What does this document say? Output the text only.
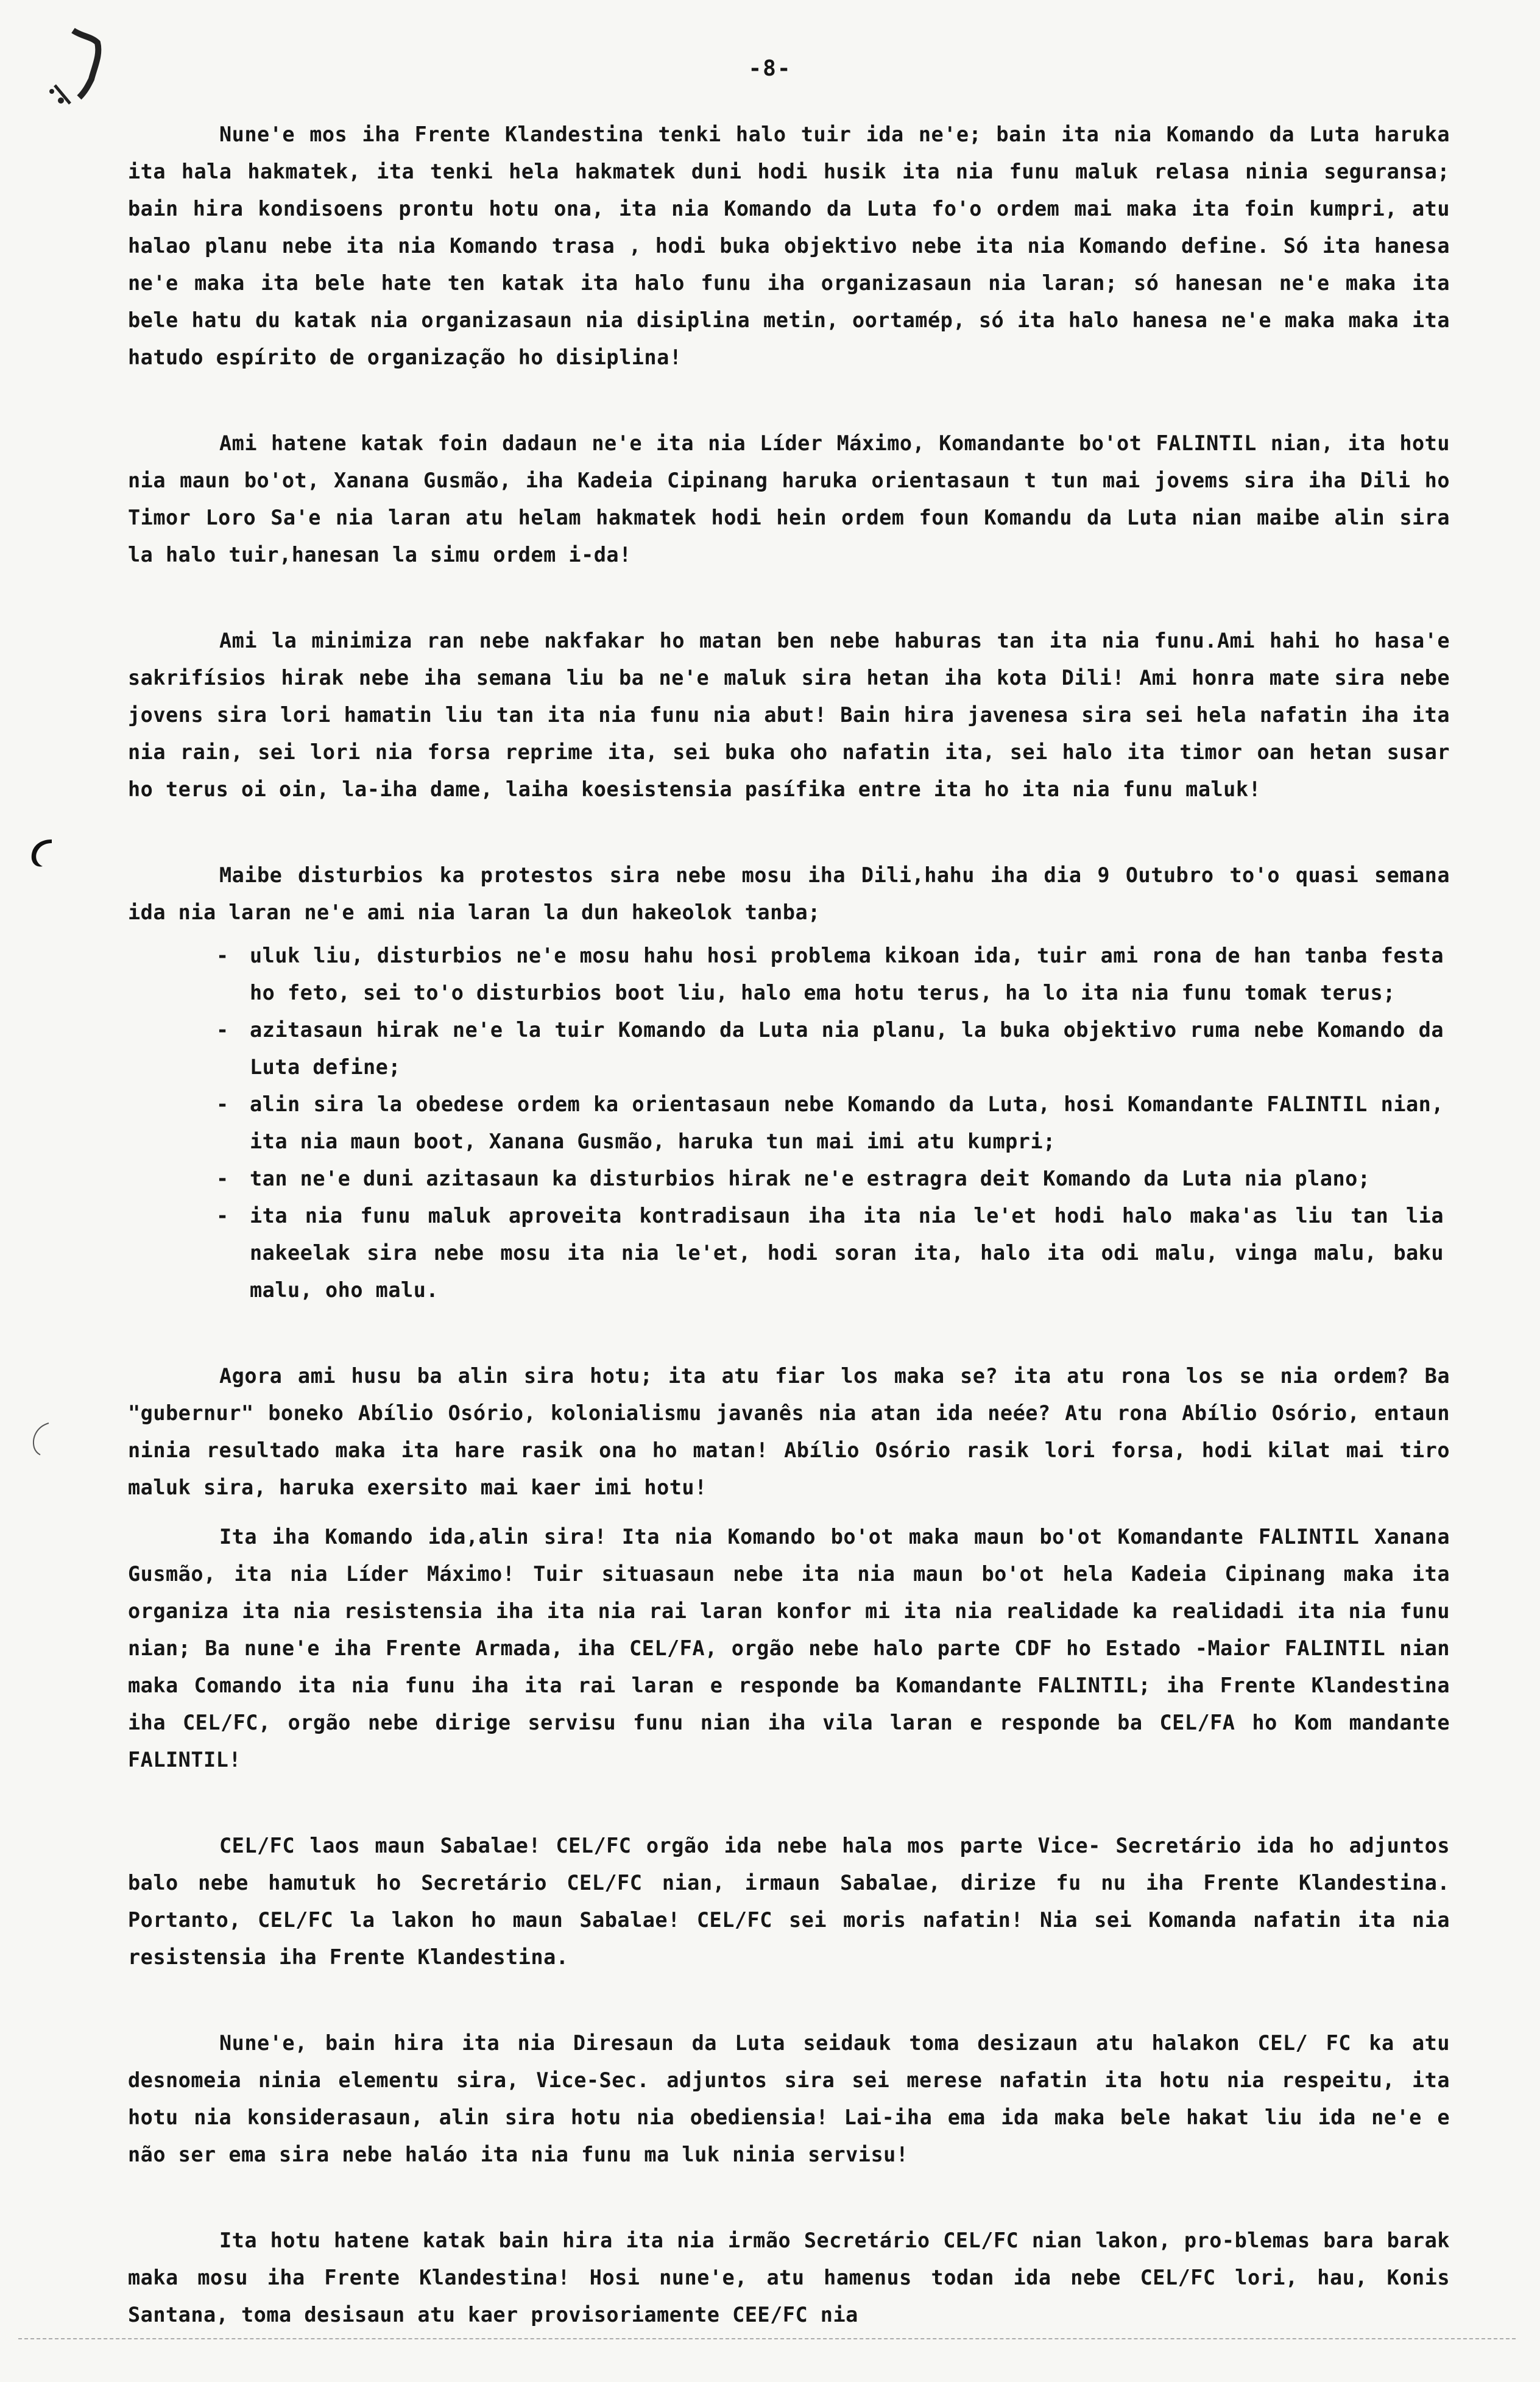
-8-

Nune'e mos iha Frente Klandestina tenki halo tuir ida ne'e; bain ita nia Komando da Luta haruka ita hala hakmatek, ita tenki hela hakmatek duni hodi husik ita nia funu maluk relasa ninia seguransa; bain hira kondisoens prontu hotu ona, ita nia Komando da Luta fo'o ordem mai maka ita foin kumpri, atu halao planu nebe ita nia Komando trasa , hodi buka objektivo nebe ita nia Komando define. Só ita hanesa ne'e maka ita bele hate ten katak ita halo funu iha organizasaun nia laran; só hanesan ne'e maka ita bele hatu du katak nia organizasaun nia disiplina metin, oortamép, só ita halo hanesa ne'e maka maka ita hatudo espírito de organização ho disiplina!

Ami hatene katak foin dadaun ne'e ita nia Líder Máximo, Komandante bo'ot FALINTIL nian, ita hotu nia maun bo'ot, Xanana Gusmão, iha Kadeia Cipinang haruka orientasaun t tun mai jovems sira iha Dili ho Timor Loro Sa'e nia laran atu helam hakmatek hodi hein ordem foun Komandu da Luta nian maibe alin sira la halo tuir,hanesan la simu ordem i-da!

Ami la minimiza ran nebe nakfakar ho matan ben nebe haburas tan ita nia funu.Ami hahi ho hasa'e sakrifísios hirak nebe iha semana liu ba ne'e maluk sira hetan iha kota Dili! Ami honra mate sira nebe jovens sira lori hamatin liu tan ita nia funu nia abut! Bain hira javenesa sira sei hela nafatin iha ita nia rain, sei lori nia forsa reprime ita, sei buka oho nafatin ita, sei halo ita timor oan hetan susar ho terus oi oin, la-iha dame, laiha koesistensia pasífika entre ita ho ita nia funu maluk!

Maibe disturbios ka protestos sira nebe mosu iha Dili,hahu iha dia 9 Outubro to'o quasi semana ida nia laran ne'e ami nia laran la dun hakeolok tanba;

- uluk liu, disturbios ne'e mosu hahu hosi problema kikoan ida, tuir ami rona de han tanba festa ho feto, sei to'o disturbios boot liu, halo ema hotu terus, ha lo ita nia funu tomak terus;
- azitasaun hirak ne'e la tuir Komando da Luta nia planu, la buka objektivo ruma nebe Komando da Luta define;
- alin sira la obedese ordem ka orientasaun nebe Komando da Luta, hosi Komandante FALINTIL nian, ita nia maun boot, Xanana Gusmão, haruka tun mai imi atu kumpri;
- tan ne'e duni azitasaun ka disturbios hirak ne'e estragra deit Komando da Luta nia plano;
- ita nia funu maluk aproveita kontradisaun iha ita nia le'et hodi halo maka'as liu tan lia nakeelak sira nebe mosu ita nia le'et, hodi soran ita, halo ita odi malu, vinga malu, baku malu, oho malu.

Agora ami husu ba alin sira hotu; ita atu fiar los maka se? ita atu rona los se nia ordem? Ba "gubernur" boneko Abílio Osório, kolonialismu javanês nia atan ida neée? Atu rona Abílio Osório, entaun ninia resultado maka ita hare rasik ona ho matan! Abílio Osório rasik lori forsa, hodi kilat mai tiro maluk sira, haruka exersito mai kaer imi hotu!

Ita iha Komando ida,alin sira! Ita nia Komando bo'ot maka maun bo'ot Komandante FALINTIL Xanana Gusmão, ita nia Líder Máximo! Tuir situasaun nebe ita nia maun bo'ot hela Kadeia Cipinang maka ita organiza ita nia resistensia iha ita nia rai laran konfor mi ita nia realidade ka realidadi ita nia funu nian; Ba nune'e iha Frente Armada, iha CEL/FA, orgão nebe halo parte CDF ho Estado -Maior FALINTIL nian maka Comando ita nia funu iha ita rai laran e responde ba Komandante FALINTIL; iha Frente Klandestina iha CEL/FC, orgão nebe dirige servisu funu nian iha vila laran e responde ba CEL/FA ho Kom mandante FALINTIL!

CEL/FC laos maun Sabalae! CEL/FC orgão ida nebe hala mos parte Vice- Secretário ida ho adjuntos balo nebe hamutuk ho Secretário CEL/FC nian, irmaun Sabalae, dirize fu nu iha Frente Klandestina. Portanto, CEL/FC la lakon ho maun Sabalae! CEL/FC sei moris nafatin! Nia sei Komanda nafatin ita nia resistensia iha Frente Klandestina.

Nune'e, bain hira ita nia Diresaun da Luta seidauk toma desizaun atu halakon CEL/ FC ka atu desnomeia ninia elementu sira, Vice-Sec. adjuntos sira sei merese nafatin ita hotu nia respeitu, ita hotu nia konsiderasaun, alin sira hotu nia obediensia! Lai-iha ema ida maka bele hakat liu ida ne'e e não ser ema sira nebe haláo ita nia funu ma luk ninia servisu!

Ita hotu hatene katak bain hira ita nia irmão Secretário CEL/FC nian lakon, pro-blemas bara barak maka mosu iha Frente Klandestina! Hosi nune'e, atu hamenus todan ida nebe CEL/FC lori, hau, Konis Santana, toma desisaun atu kaer provisoriamente CEE/FC nia
